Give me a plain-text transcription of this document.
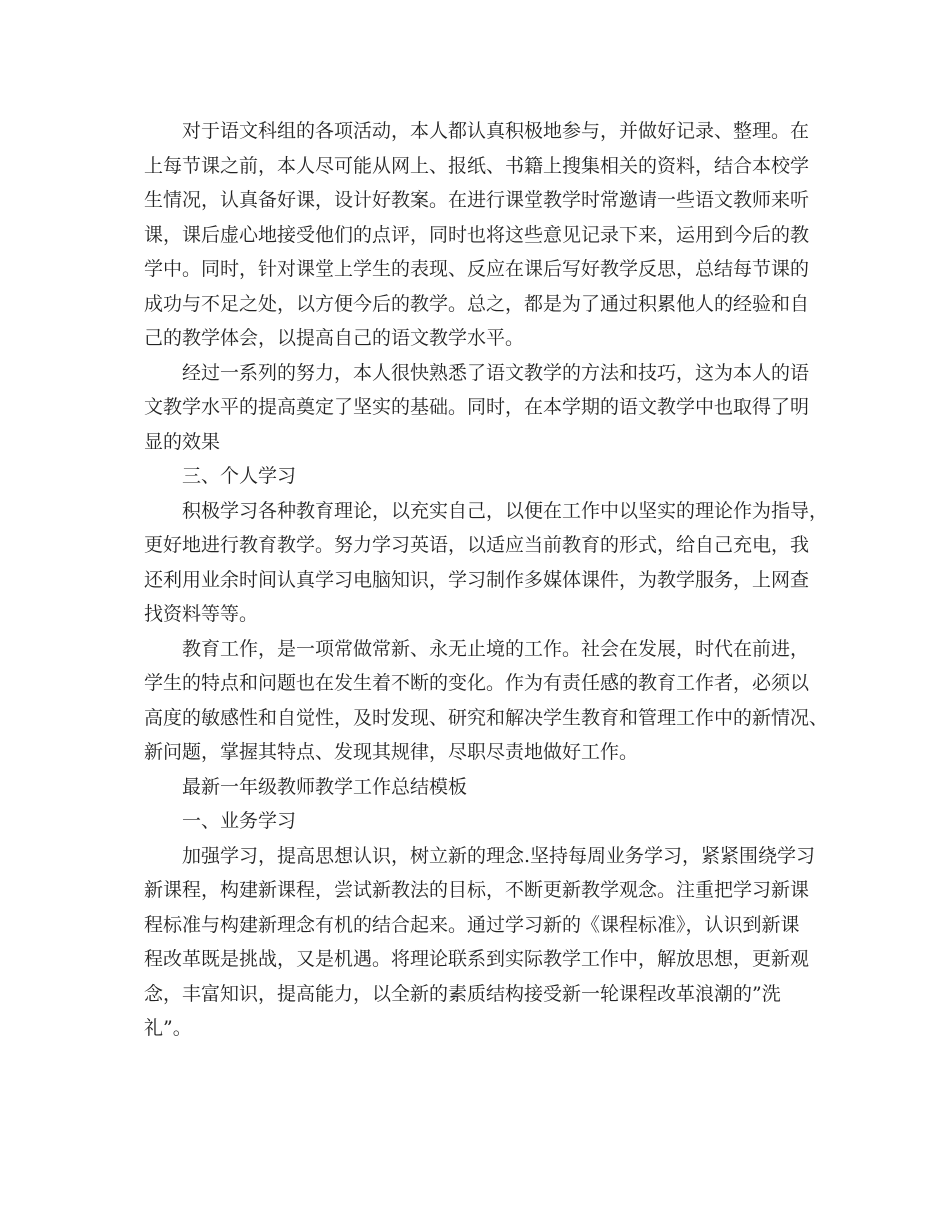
对于语文科组的各项活动，本人都认真积极地参与，并做好记录、整理。在
上每节课之前，本人尽可能从网上、报纸、书籍上搜集相关的资料，结合本校学
生情况，认真备好课，设计好教案。在进行课堂教学时常邀请一些语文教师来听
课，课后虚心地接受他们的点评，同时也将这些意见记录下来，运用到今后的教
学中。同时，针对课堂上学生的表现、反应在课后写好教学反思，总结每节课的
成功与不足之处，以方便今后的教学。总之，都是为了通过积累他人的经验和自
己的教学体会，以提高自己的语文教学水平。
经过一系列的努力，本人很快熟悉了语文教学的方法和技巧，这为本人的语
文教学水平的提高奠定了坚实的基础。同时，在本学期的语文教学中也取得了明
显的效果
三、个人学习
积极学习各种教育理论，以充实自己，以便在工作中以坚实的理论作为指导，
更好地进行教育教学。努力学习英语，以适应当前教育的形式，给自己充电，我
还利用业余时间认真学习电脑知识，学习制作多媒体课件，为教学服务，上网查
找资料等等。
教育工作，是一项常做常新、永无止境的工作。社会在发展，时代在前进，
学生的特点和问题也在发生着不断的变化。作为有责任感的教育工作者，必须以
高度的敏感性和自觉性，及时发现、研究和解决学生教育和管理工作中的新情况、
新问题，掌握其特点、发现其规律，尽职尽责地做好工作。
最新一年级教师教学工作总结模板
一、业务学习
加强学习，提高思想认识，树立新的理念.坚持每周业务学习，紧紧围绕学习
新课程，构建新课程，尝试新教法的目标，不断更新教学观念。注重把学习新课
程标准与构建新理念有机的结合起来。通过学习新的《课程标准》，认识到新课
程改革既是挑战，又是机遇。将理论联系到实际教学工作中，解放思想，更新观
念，丰富知识，提高能力，以全新的素质结构接受新一轮课程改革浪潮的”洗
礼”。
